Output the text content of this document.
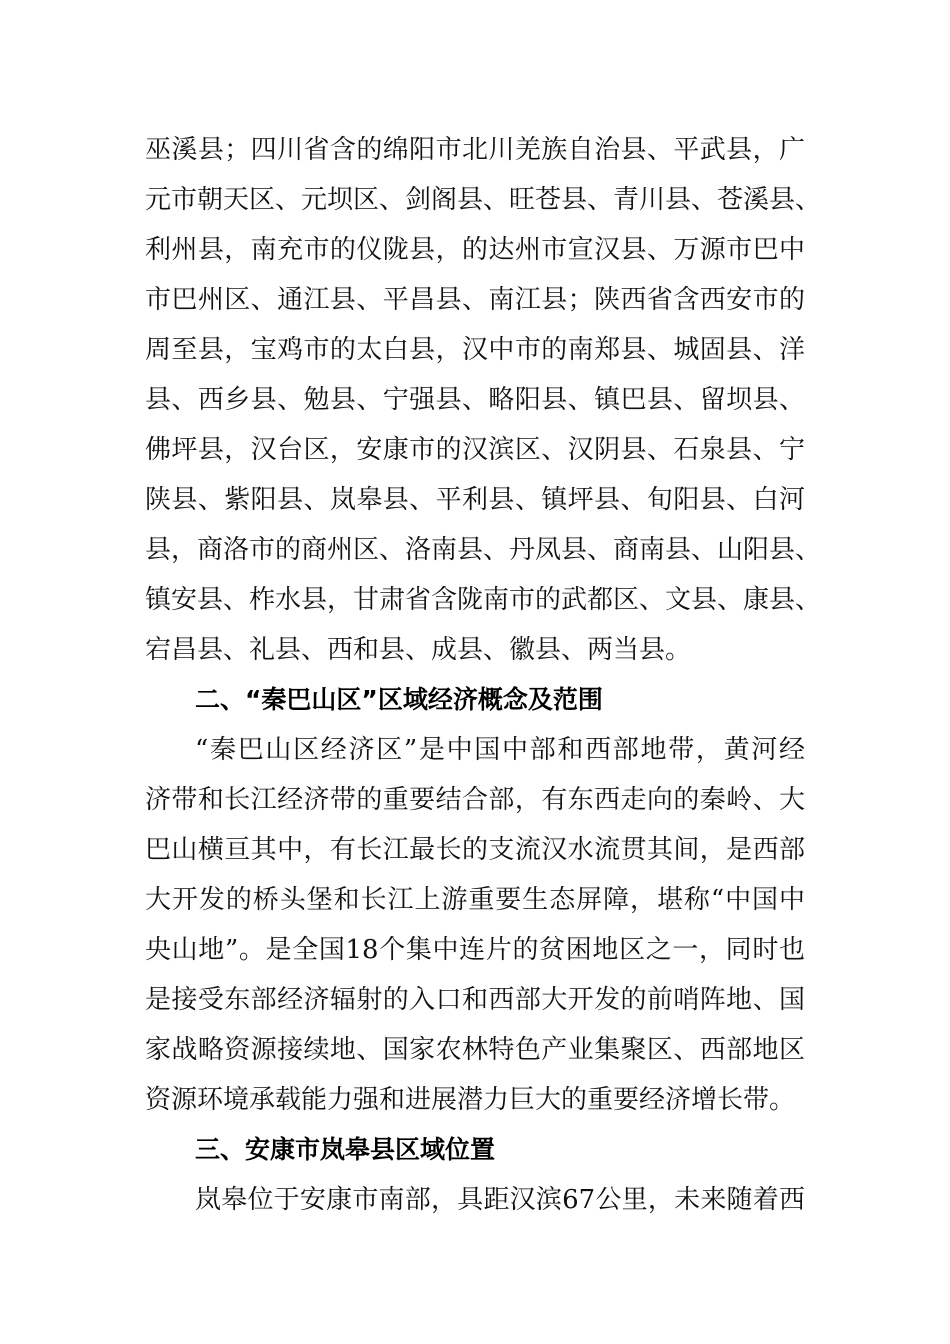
巫溪县；四川省含的绵阳市北川羌族自治县、平武县，广
元市朝天区、元坝区、剑阁县、旺苍县、青川县、苍溪县、
利州县，南充市的仪陇县，的达州市宣汉县、万源市巴中
市巴州区、通江县、平昌县、南江县；陕西省含西安市的
周至县，宝鸡市的太白县，汉中市的南郑县、城固县、洋
县、西乡县、勉县、宁强县、略阳县、镇巴县、留坝县、
佛坪县，汉台区，安康市的汉滨区、汉阴县、石泉县、宁
陕县、紫阳县、岚皋县、平利县、镇坪县、旬阳县、白河
县，商洛市的商州区、洛南县、丹凤县、商南县、山阳县、
镇安县、柞水县，甘肃省含陇南市的武都区、文县、康县、
宕昌县、礼县、西和县、成县、徽县、两当县。
二、“秦巴山区”区域经济概念及范围
“秦巴山区经济区”是中国中部和西部地带，黄河经
济带和长江经济带的重要结合部，有东西走向的秦岭、大
巴山横亘其中，有长江最长的支流汉水流贯其间，是西部
大开发的桥头堡和长江上游重要生态屏障，堪称“中国中
央山地”。是全国18个集中连片的贫困地区之一，同时也
是接受东部经济辐射的入口和西部大开发的前哨阵地、国
家战略资源接续地、国家农林特色产业集聚区、西部地区
资源环境承载能力强和进展潜力巨大的重要经济增长带。
三、安康市岚皋县区域位置
岚皋位于安康市南部，具距汉滨67公里，未来随着西
